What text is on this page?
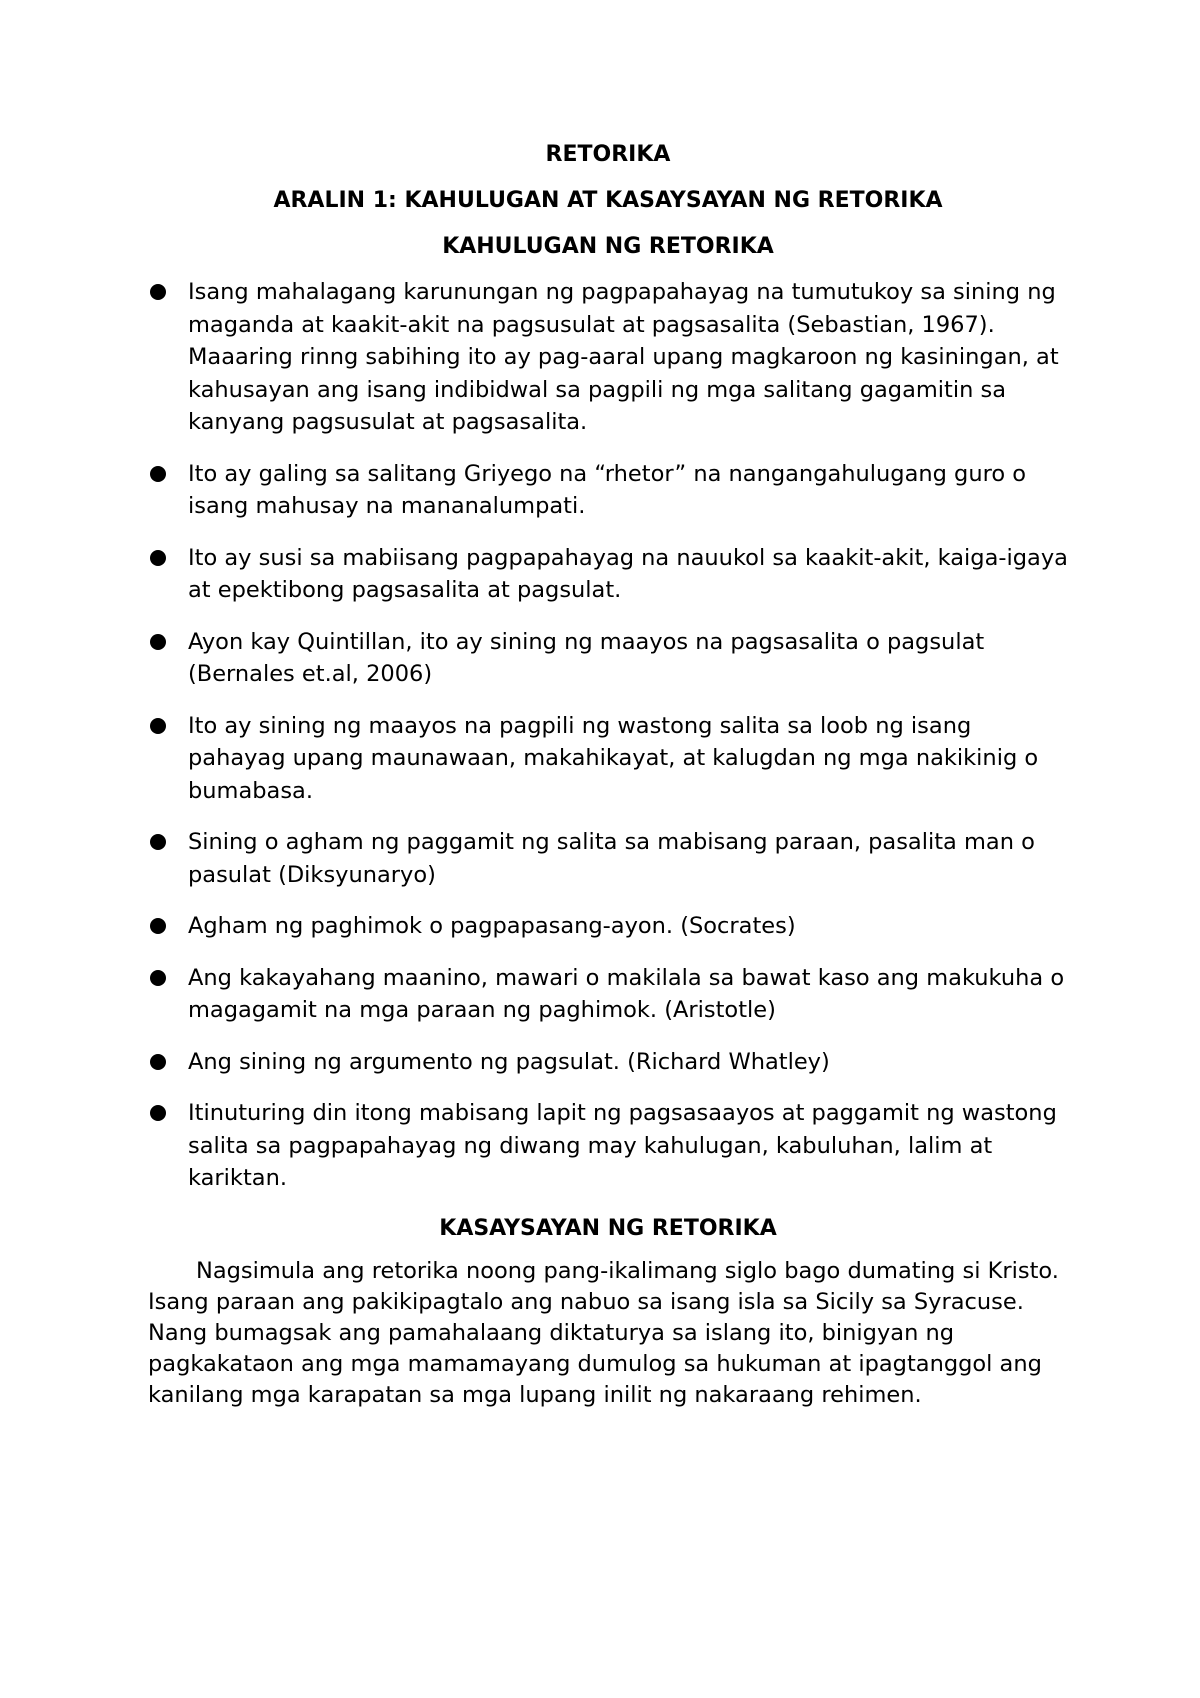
RETORIKA
ARALIN 1: KAHULUGAN AT KASAYSAYAN NG RETORIKA
KAHULUGAN NG RETORIKA
Isang mahalagang karunungan ng pagpapahayag na tumutukoy sa sining ng maganda at kaakit-akit na pagsusulat at pagsasalita (Sebastian, 1967). Maaaring rinng sabihing ito ay pag-aaral upang magkaroon ng kasiningan, at kahusayan ang isang indibidwal sa pagpili ng mga salitang gagamitin sa kanyang pagsusulat at pagsasalita.
Ito ay galing sa salitang Griyego na “rhetor” na nangangahulugang guro o isang mahusay na mananalumpati.
Ito ay susi sa mabiisang pagpapahayag na nauukol sa kaakit-akit, kaiga-igaya at epektibong pagsasalita at pagsulat.
Ayon kay Quintillan, ito ay sining ng maayos na pagsasalita o pagsulat (Bernales et.al, 2006)
Ito ay sining ng maayos na pagpili ng wastong salita sa loob ng isang pahayag upang maunawaan, makahikayat, at kalugdan ng mga nakikinig o bumabasa.
Sining o agham ng paggamit ng salita sa mabisang paraan, pasalita man o pasulat (Diksyunaryo)
Agham ng paghimok o pagpapasang-ayon. (Socrates)
Ang kakayahang maanino, mawari o makilala sa bawat kaso ang makukuha o magagamit na mga paraan ng paghimok. (Aristotle)
Ang sining ng argumento ng pagsulat. (Richard Whatley)
Itinuturing din itong mabisang lapit ng pagsasaayos at paggamit ng wastong salita sa pagpapahayag ng diwang may kahulugan, kabuluhan, lalim at kariktan.
KASAYSAYAN NG RETORIKA

Nagsimula ang retorika noong pang-ikalimang siglo bago dumating si Kristo. Isang paraan ang pakikipagtalo ang nabuo sa isang isla sa Sicily sa Syracuse. Nang bumagsak ang pamahalaang diktaturya sa islang ito, binigyan ng pagkakataon ang mga mamamayang dumulog sa hukuman at ipagtanggol ang kanilang mga karapatan sa mga lupang inilit ng nakaraang rehimen.
